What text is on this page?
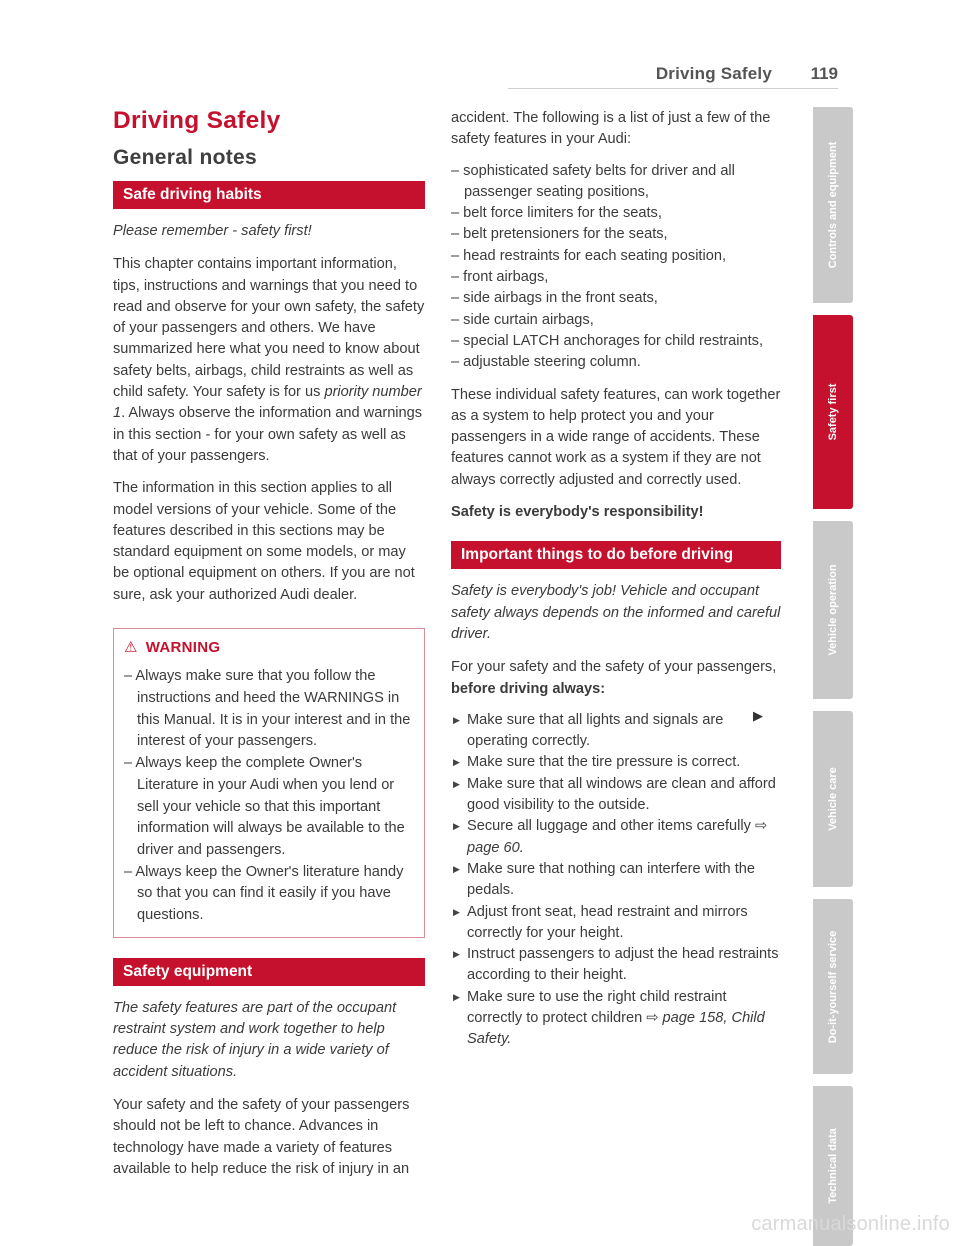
Driving Safely 119
Driving Safely
General notes
Safe driving habits

Please remember - safety first!

This chapter contains important information, tips, instructions and warnings that you need to read and observe for your own safety, the safety of your passengers and others. We have summarized here what you need to know about safety belts, airbags, child restraints as well as child safety. Your safety is for us priority number 1. Always observe the information and warnings in this section - for your own safety as well as that of your passengers.

The information in this section applies to all model versions of your vehicle. Some of the features described in this sections may be standard equipment on some models, or may be optional equipment on others. If you are not sure, ask your authorized Audi dealer.

⚠ WARNING
– Always make sure that you follow the instructions and heed the WARNINGS in this Manual. It is in your interest and in the interest of your passengers.
– Always keep the complete Owner's Literature in your Audi when you lend or sell your vehicle so that this important information will always be available to the driver and passengers.
– Always keep the Owner's literature handy so that you can find it easily if you have questions.
Safety equipment

The safety features are part of the occupant restraint system and work together to help reduce the risk of injury in a wide variety of accident situations.

Your safety and the safety of your passengers should not be left to chance. Advances in technology have made a variety of features available to help reduce the risk of injury in an

accident. The following is a list of just a few of the safety features in your Audi:

– sophisticated safety belts for driver and all passenger seating positions,
– belt force limiters for the seats,
– belt pretensioners for the seats,
– head restraints for each seating position,
– front airbags,
– side airbags in the front seats,
– side curtain airbags,
– special LATCH anchorages for child restraints,
– adjustable steering column.

These individual safety features, can work together as a system to help protect you and your passengers in a wide range of accidents. These features cannot work as a system if they are not always correctly adjusted and correctly used.

Safety is everybody's responsibility!

Important things to do before driving

Safety is everybody's job! Vehicle and occupant safety always depends on the informed and careful driver.

For your safety and the safety of your passengers, before driving always:

▶ Make sure that all lights and signals are operating correctly.
▶ Make sure that the tire pressure is correct.
▶ Make sure that all windows are clean and afford good visibility to the outside.
▶ Secure all luggage and other items carefully ⇨ page 60.
▶ Make sure that nothing can interfere with the pedals.
▶ Adjust front seat, head restraint and mirrors correctly for your height.
▶ Instruct passengers to adjust the head restraints according to their height.
▶ Make sure to use the right child restraint correctly to protect children ⇨ page 158, Child Safety.
▶
Controls and equipment
Safety first
Vehicle operation
Vehicle care
Do-it-yourself service
Technical data
carmanualsonline.info
